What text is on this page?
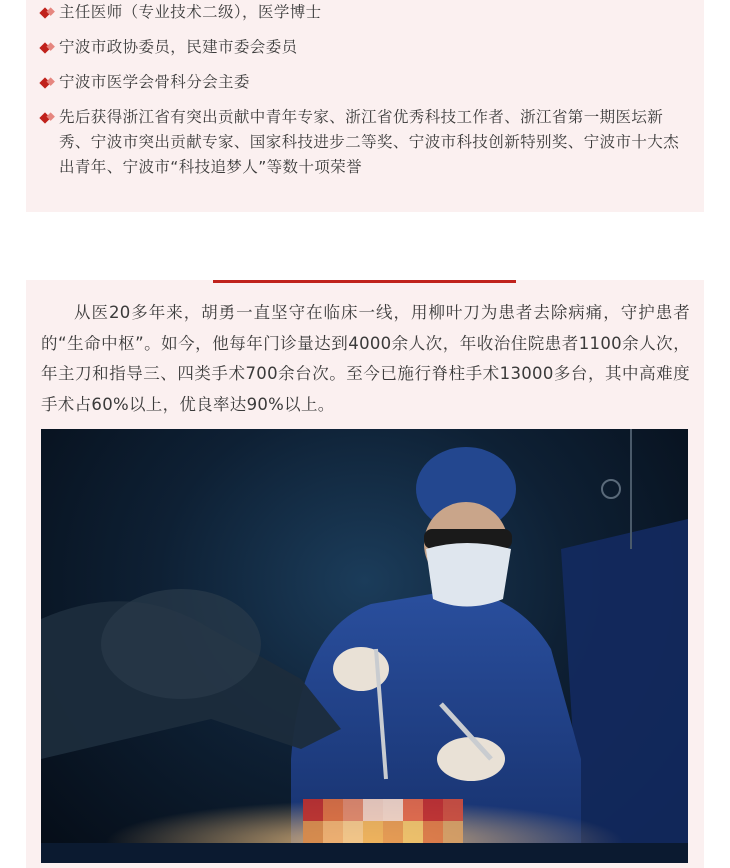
主任医师（专业技术二级），医学博士
宁波市政协委员，民建市委会委员
宁波市医学会骨科分会主委
先后获得浙江省有突出贡献中青年专家、浙江省优秀科技工作者、浙江省第一期医坛新秀、宁波市突出贡献专家、国家科技进步二等奖、宁波市科技创新特别奖、宁波市十大杰出青年、宁波市“科技追梦人”等数十项荣誉

从医20多年来，胡勇一直坚守在临床一线，用柳叶刀为患者去除病痛，守护患者的“生命中枢”。如今，他每年门诊量达到4000余人次，年收治住院患者1100余人次，年主刀和指导三、四类手术700余台次。至今已施行脊柱手术13000多台，其中高难度手术占60%以上，优良率达90%以上。
